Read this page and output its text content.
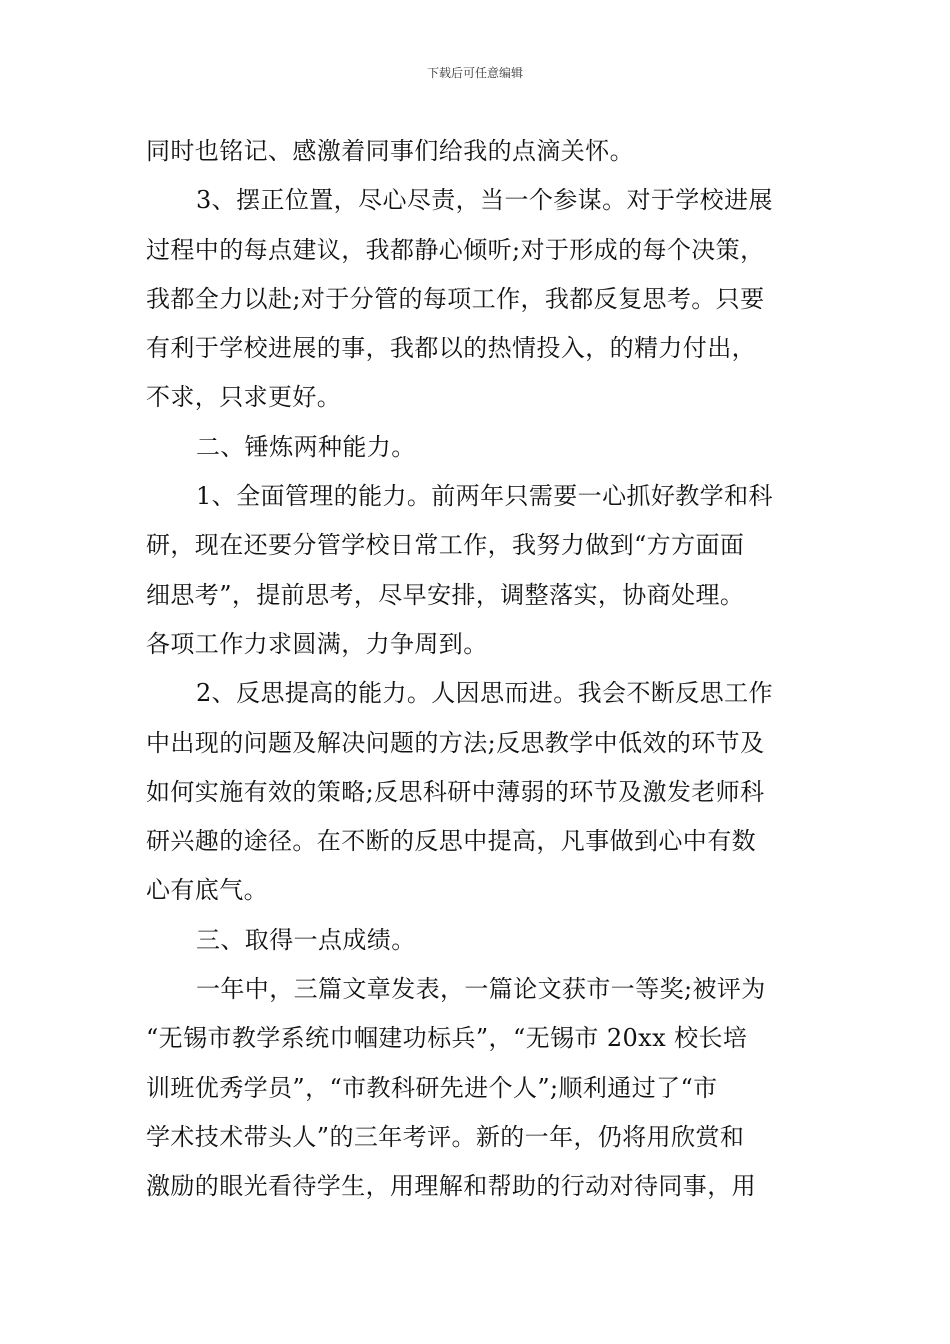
下载后可任意编辑
同时也铭记、感激着同事们给我的点滴关怀。
3、摆正位置，尽心尽责，当一个参谋。对于学校进展
过程中的每点建议，我都静心倾听;对于形成的每个决策，
我都全力以赴;对于分管的每项工作，我都反复思考。只要
有利于学校进展的事，我都以的热情投入，的精力付出，
不求，只求更好。
二、锤炼两种能力。
1、全面管理的能力。前两年只需要一心抓好教学和科
研，现在还要分管学校日常工作，我努力做到“方方面面
细思考”，提前思考，尽早安排，调整落实，协商处理。
各项工作力求圆满，力争周到。
2、反思提高的能力。人因思而进。我会不断反思工作
中出现的问题及解决问题的方法;反思教学中低效的环节及
如何实施有效的策略;反思科研中薄弱的环节及激发老师科
研兴趣的途径。在不断的反思中提高，凡事做到心中有数
心有底气。
三、取得一点成绩。
一年中，三篇文章发表，一篇论文获市一等奖;被评为
“无锡市教学系统巾帼建功标兵”，“无锡市 20xx 校长培
训班优秀学员”，“市教科研先进个人”;顺利通过了“市
学术技术带头人”的三年考评。新的一年，仍将用欣赏和
激励的眼光看待学生，用理解和帮助的行动对待同事，用
